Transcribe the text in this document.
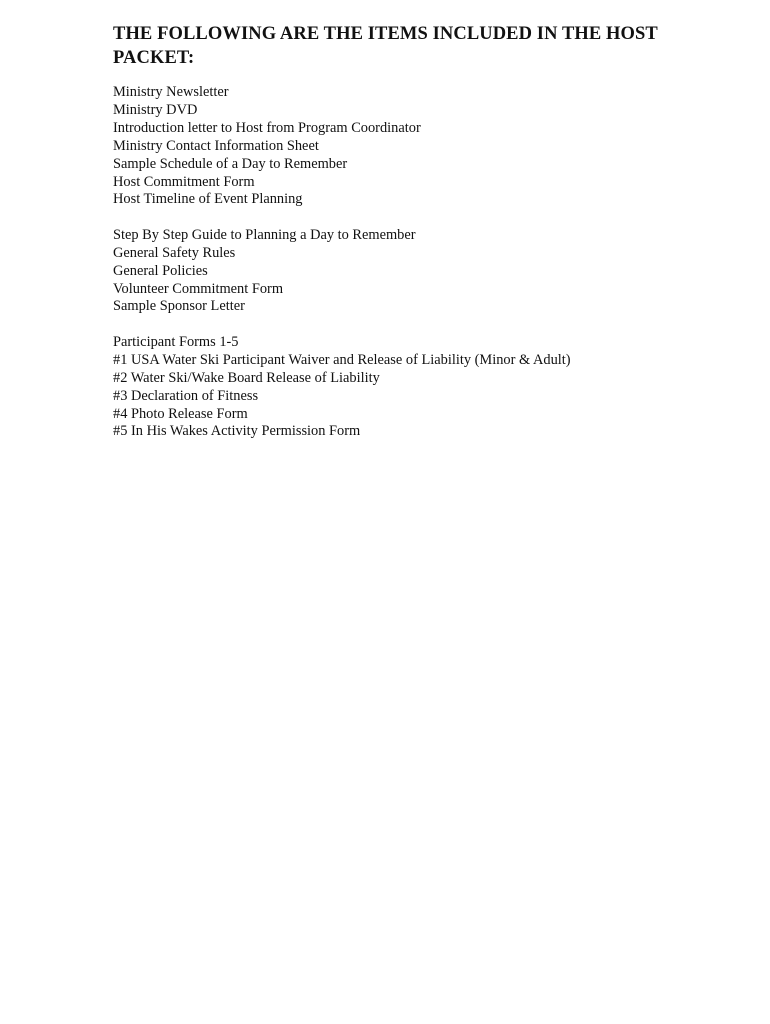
THE FOLLOWING ARE THE ITEMS INCLUDED IN THE HOST PACKET:
Ministry Newsletter
Ministry DVD
Introduction letter to Host from Program Coordinator
Ministry Contact Information Sheet
Sample Schedule of a Day to Remember
Host Commitment Form
Host Timeline of Event Planning
Step By Step Guide to Planning a Day to Remember
General Safety Rules
General Policies
Volunteer Commitment Form
Sample Sponsor Letter
Participant Forms 1-5
#1 USA Water Ski Participant Waiver and Release of Liability (Minor & Adult)
#2 Water Ski/Wake Board Release of Liability
#3 Declaration of Fitness
#4 Photo Release Form
#5 In His Wakes Activity Permission Form
